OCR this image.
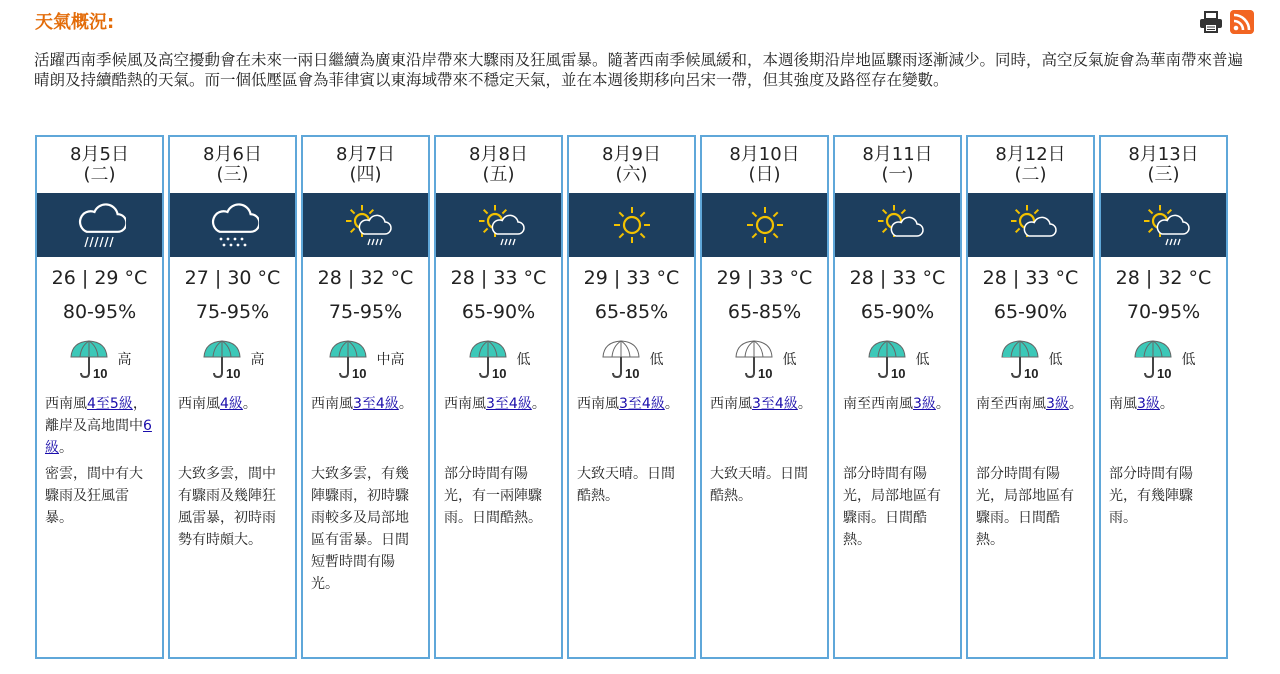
天氣概況:
活躍西南季候風及高空擾動會在未來一兩日繼續為廣東沿岸帶來大驟雨及狂風雷暴。隨著西南季候風緩和，本週後期沿岸地區驟雨逐漸減少。同時，高空反氣旋會為華南帶來普遍晴朗及持續酷熱的天氣。而一個低壓區會為菲律賓以東海域帶來不穩定天氣，並在本週後期移向呂宋一帶，但其強度及路徑存在變數。
8月5日
(二)
26 | 29 °C
80-95%
10
高
西南風4至5級，離岸及高地間中6級。
密雲，間中有大驟雨及狂風雷暴。
8月6日
(三)
27 | 30 °C
75-95%
10
高
西南風4級。
大致多雲，間中有驟雨及幾陣狂風雷暴，初時雨勢有時頗大。
8月7日
(四)
28 | 32 °C
75-95%
10
中高
西南風3至4級。
大致多雲，有幾陣驟雨，初時驟雨較多及局部地區有雷暴。日間短暫時間有陽光。
8月8日
(五)
28 | 33 °C
65-90%
10
低
西南風3至4級。
部分時間有陽光，有一兩陣驟雨。日間酷熱。
8月9日
(六)
29 | 33 °C
65-85%
10
低
西南風3至4級。
大致天晴。日間酷熱。
8月10日
(日)
29 | 33 °C
65-85%
10
低
西南風3至4級。
大致天晴。日間酷熱。
8月11日
(一)
28 | 33 °C
65-90%
10
低
南至西南風3級。
部分時間有陽光，局部地區有驟雨。日間酷熱。
8月12日
(二)
28 | 33 °C
65-90%
10
低
南至西南風3級。
部分時間有陽光，局部地區有驟雨。日間酷熱。
8月13日
(三)
28 | 32 °C
70-95%
10
低
南風3級。
部分時間有陽光，有幾陣驟雨。
